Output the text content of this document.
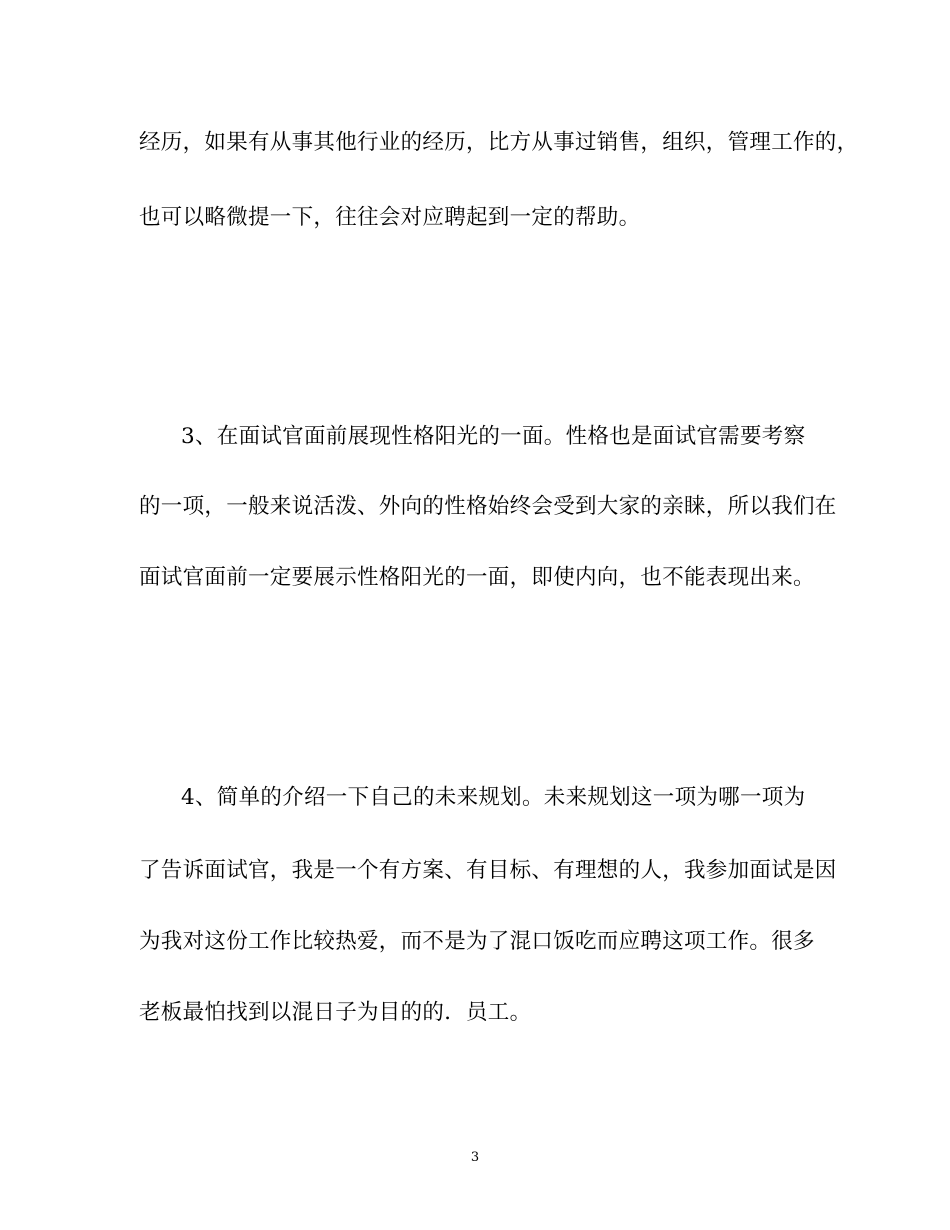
经历，如果有从事其他行业的经历，比方从事过销售，组织，管理工作的，

也可以略微提一下，往往会对应聘起到一定的帮助。

3、在面试官面前展现性格阳光的一面。性格也是面试官需要考察

的一项，一般来说活泼、外向的性格始终会受到大家的亲睐，所以我们在

面试官面前一定要展示性格阳光的一面，即使内向，也不能表现出来。

4、简单的介绍一下自己的未来规划。未来规划这一项为哪一项为

了告诉面试官，我是一个有方案、有目标、有理想的人，我参加面试是因

为我对这份工作比较热爱，而不是为了混口饭吃而应聘这项工作。很多

老板最怕找到以混日子为目的的．员工。

3
